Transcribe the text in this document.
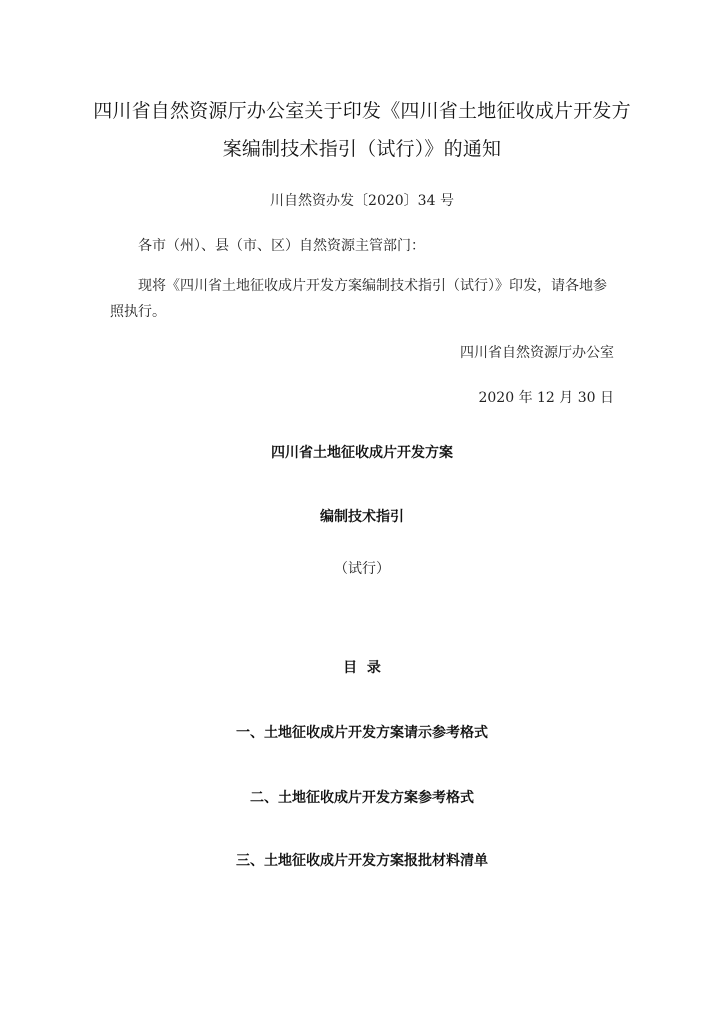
四川省自然资源厅办公室关于印发《四川省土地征收成片开发方
案编制技术指引（试行）》的通知
川自然资办发〔2020〕34 号
各市（州）、县（市、区）自然资源主管部门：
现将《四川省土地征收成片开发方案编制技术指引（试行）》印发，请各地参照执行。
四川省自然资源厅办公室
2020 年 12 月 30 日
四川省土地征收成片开发方案
编制技术指引
（试行）
目  录
一、土地征收成片开发方案请示参考格式
二、土地征收成片开发方案参考格式
三、土地征收成片开发方案报批材料清单
